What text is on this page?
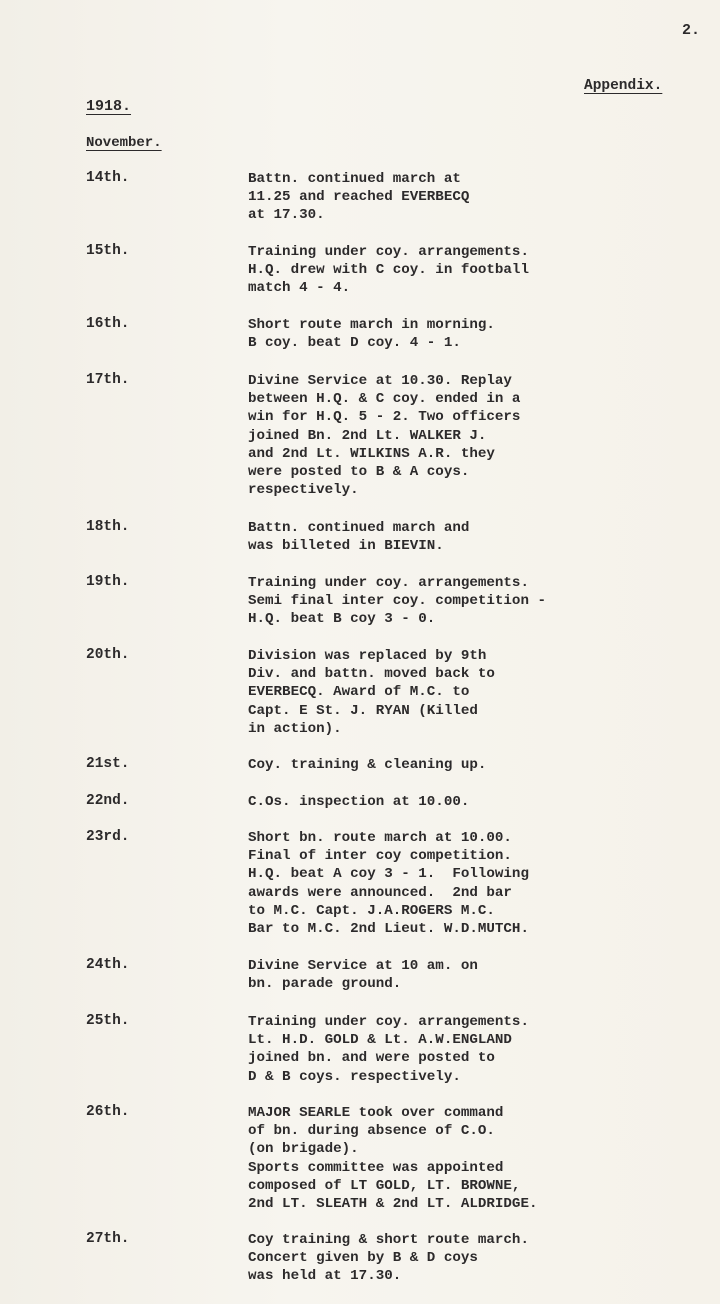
2.
Appendix.
1918.
November.
14th.	Battn. continued march at
11.25 and reached EVERBECQ
at 17.30.
15th.	Training under coy. arrangements.
H.Q. drew with C coy. in football
match 4 - 4.
16th.	Short route march in morning.
B coy. beat D coy. 4 - 1.
17th.	Divine Service at 10.30. Replay
between H.Q. & C coy. ended in a
win for H.Q. 5 - 2. Two officers
joined Bn. 2nd Lt. WALKER J.
and 2nd Lt. WILKINS A.R. they
were posted to B & A coys.
respectively.
18th.	Battn. continued march and
was billeted in BIEVIN.
19th.	Training under coy. arrangements.
Semi final inter coy. competition -
H.Q. beat B coy 3 - 0.
20th.	Division was replaced by 9th
Div. and battn. moved back to
EVERBECQ. Award of M.C. to
Capt. E St. J. RYAN (Killed
in action).
21st.	Coy. training & cleaning up.
22nd.	C.Os. inspection at 10.00.
23rd.	Short bn. route march at 10.00.
Final of inter coy competition.
H.Q. beat A coy 3 - 1.  Following
awards were announced.  2nd bar
to M.C. Capt. J.A.ROGERS M.C.
Bar to M.C. 2nd Lieut. W.D.MUTCH.
24th.	Divine Service at 10 am. on
bn. parade ground.
25th.	Training under coy. arrangements.
Lt. H.D. GOLD & Lt. A.W.ENGLAND
joined bn. and were posted to
D & B coys. respectively.
26th.	MAJOR SEARLE took over command
of bn. during absence of C.O.
(on brigade).
Sports committee was appointed
composed of LT GOLD, LT. BROWNE,
2nd LT. SLEATH & 2nd LT. ALDRIDGE.
27th.	Coy training & short route march.
Concert given by B & D coys
was held at 17.30.
